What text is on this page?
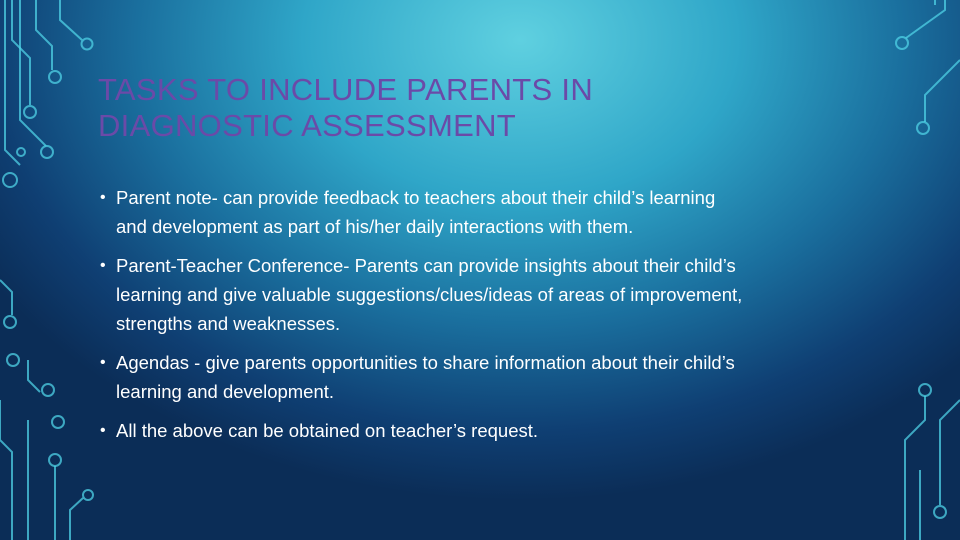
TASKS TO INCLUDE PARENTS IN
DIAGNOSTIC ASSESSMENT
• Parent note- can provide feedback to teachers about their child’s learning
and development as part of his/her daily interactions with them.
• Parent-Teacher Conference- Parents can provide insights about their child’s
learning and give valuable suggestions/clues/ideas of areas of improvement,
strengths and weaknesses.
• Agendas - give parents opportunities to share information about their child’s
learning and development.
• All the above can be obtained on teacher’s request.
